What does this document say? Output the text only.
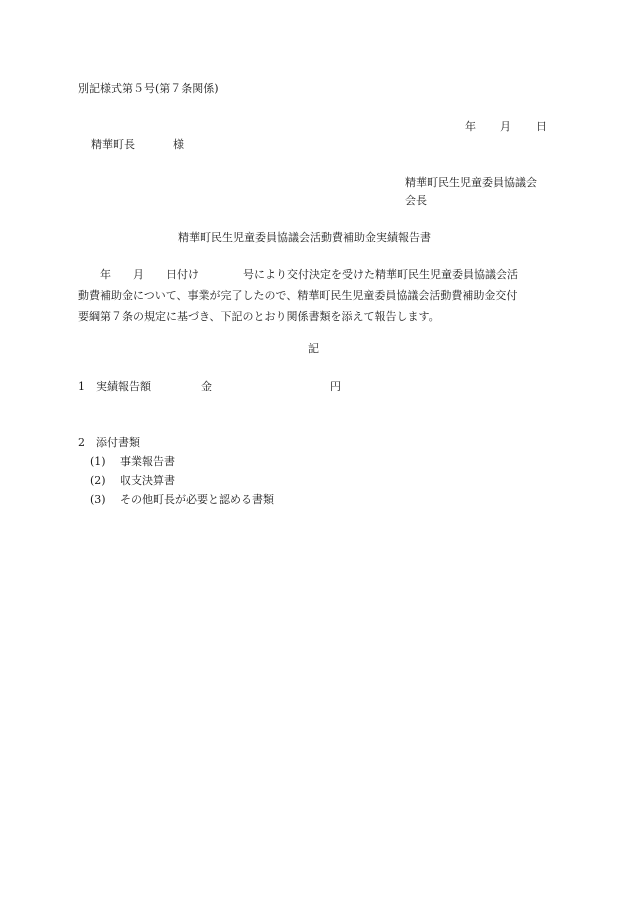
別記様式第５号(第７条関係)
年 月 日
精華町長	様
精華町民生児童委員協議会
会長
精華町民生児童委員協議会活動費補助金実績報告書
　　年　　月　　日付け　　　　号により交付決定を受けた精華町民生児童委員協議会活
動費補助金について、事業が完了したので、精華町民生児童委員協議会活動費補助金交付
要綱第７条の規定に基づき、下記のとおり関係書類を添えて報告します。
記
1 実績報告額	金	円
2 添付書類
(1) 事業報告書
(2) 収支決算書
(3) その他町長が必要と認める書類
